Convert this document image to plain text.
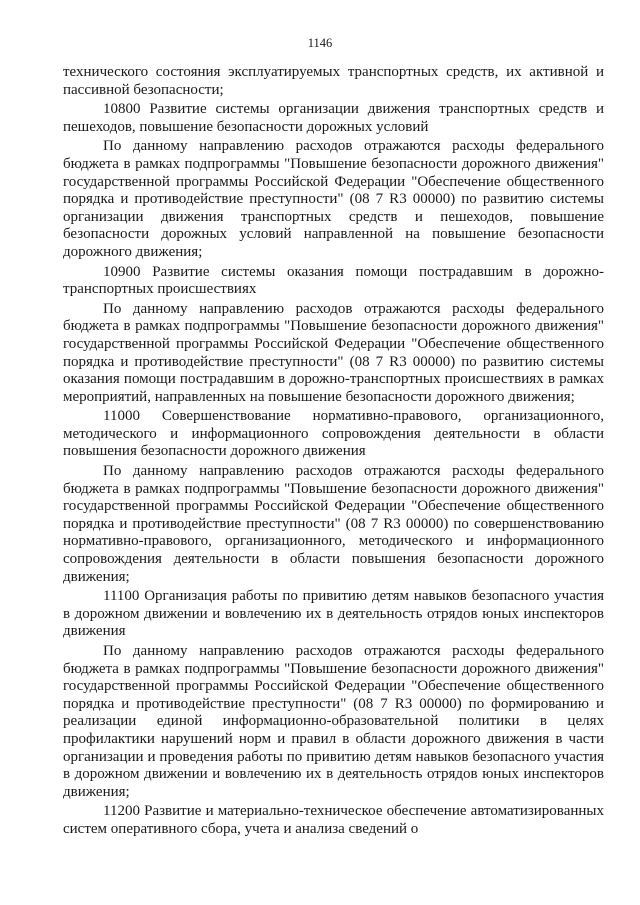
1146

технического состояния эксплуатируемых транспортных средств, их активной и пассивной безопасности;

10800 Развитие системы организации движения транспортных средств и пешеходов, повышение безопасности дорожных условий

По данному направлению расходов отражаются расходы федерального бюджета в рамках подпрограммы "Повышение безопасности дорожного движения" государственной программы Российской Федерации "Обеспечение общественного порядка и противодействие преступности" (08 7 R3 00000) по развитию системы организации движения транспортных средств и пешеходов, повышение безопасности дорожных условий направленной на повышение безопасности дорожного движения;

10900 Развитие системы оказания помощи пострадавшим в дорожно-транспортных происшествиях

По данному направлению расходов отражаются расходы федерального бюджета в рамках подпрограммы "Повышение безопасности дорожного движения" государственной программы Российской Федерации "Обеспечение общественного порядка и противодействие преступности" (08 7 R3 00000) по развитию системы оказания помощи пострадавшим в дорожно-транспортных происшествиях в рамках мероприятий, направленных на повышение безопасности дорожного движения;

11000 Совершенствование нормативно-правового, организационного, методического и информационного сопровождения деятельности в области повышения безопасности дорожного движения

По данному направлению расходов отражаются расходы федерального бюджета в рамках подпрограммы "Повышение безопасности дорожного движения" государственной программы Российской Федерации "Обеспечение общественного порядка и противодействие преступности" (08 7 R3 00000) по совершенствованию нормативно-правового, организационного, методического и информационного сопровождения деятельности в области повышения безопасности дорожного движения;

11100 Организация работы по привитию детям навыков безопасного участия в дорожном движении и вовлечению их в деятельность отрядов юных инспекторов движения

По данному направлению расходов отражаются расходы федерального бюджета в рамках подпрограммы "Повышение безопасности дорожного движения" государственной программы Российской Федерации "Обеспечение общественного порядка и противодействие преступности" (08 7 R3 00000) по формированию и реализации единой информационно-образовательной политики в целях профилактики нарушений норм и правил в области дорожного движения в части организации и проведения работы по привитию детям навыков безопасного участия в дорожном движении и вовлечению их в деятельность отрядов юных инспекторов движения;

11200 Развитие и материально-техническое обеспечение автоматизированных систем оперативного сбора, учета и анализа сведений о
